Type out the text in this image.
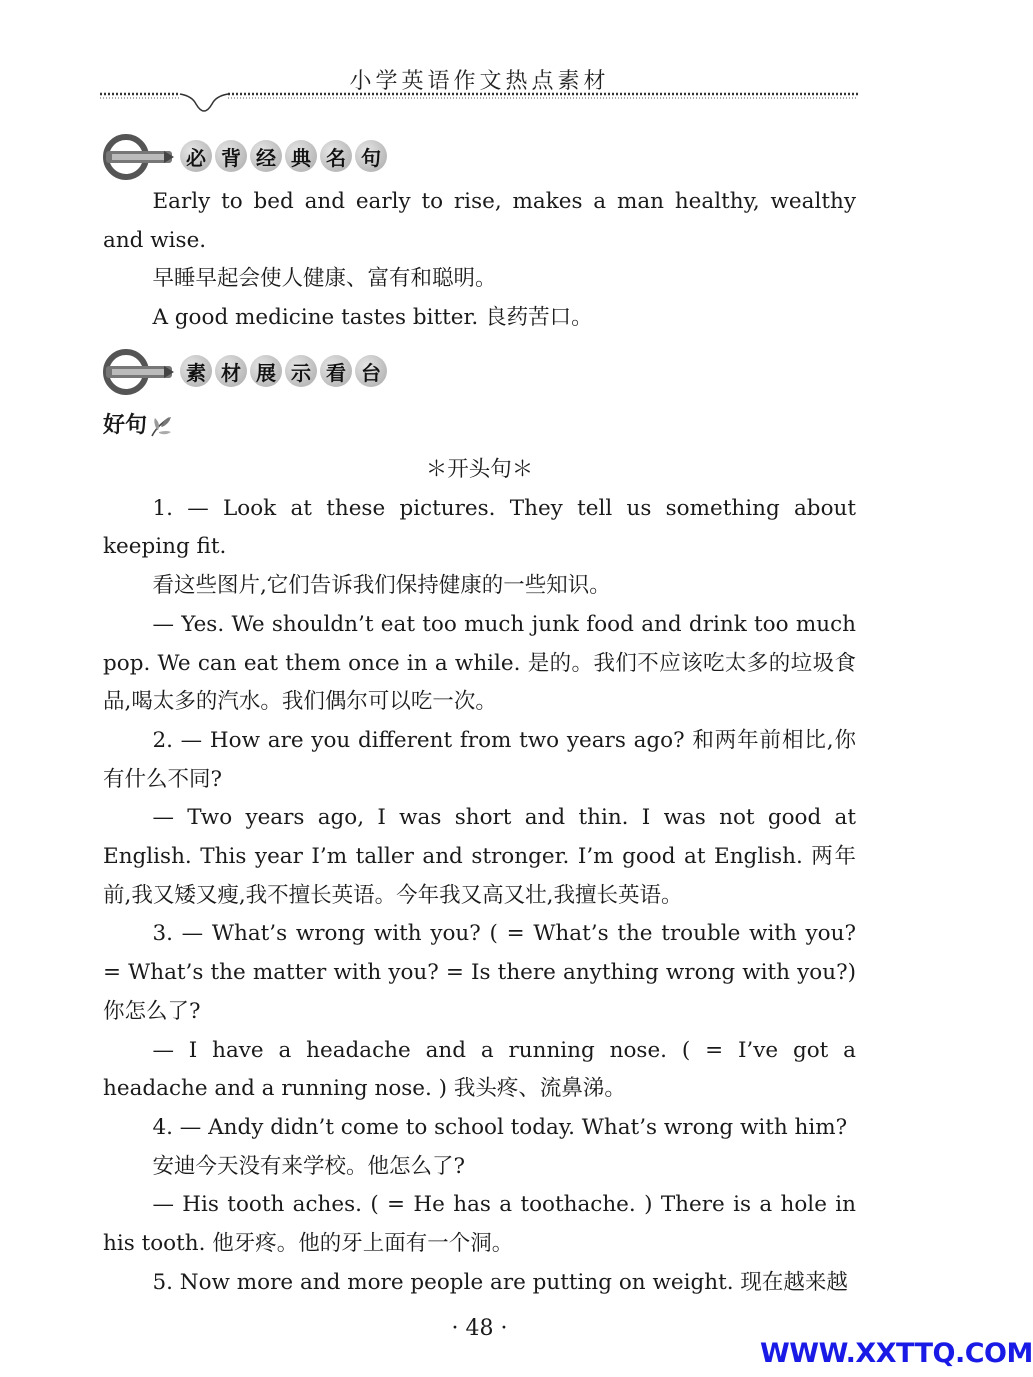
小学英语作文热点素材
必 背 经 典 名 句
素 材 展 示 看 台

Early to bed and early to rise, makes a man healthy, wealthy and wise.

早睡早起会使人健康、富有和聪明。

A good medicine tastes bitter. 良药苦口。

好句

＊开头句＊

1. — Look at these pictures. They tell us something about keeping fit.

看这些图片,它们告诉我们保持健康的一些知识。

— Yes. We shouldn’t eat too much junk food and drink too much pop. We can eat them once in a while. 是的。我们不应该吃太多的垃圾食品,喝太多的汽水。我们偶尔可以吃一次。

2. — How are you different from two years ago? 和两年前相比,你有什么不同?

— Two years ago, I was short and thin. I was not good at English. This year I’m taller and stronger. I’m good at English. 两年前,我又矮又瘦,我不擅长英语。今年我又高又壮,我擅长英语。

3. — What’s wrong with you? ( = What’s the trouble with you? = What’s the matter with you? = Is there anything wrong with you?) 你怎么了?

— I have a headache and a running nose. ( = I’ve got a headache and a running nose. ) 我头疼、流鼻涕。

4. — Andy didn’t come to school today. What’s wrong with him?

安迪今天没有来学校。他怎么了?

— His tooth aches. ( = He has a toothache. ) There is a hole in his tooth. 他牙疼。他的牙上面有一个洞。

5. Now more and more people are putting on weight. 现在越来越

· 48 ·
WWW.XXTTQ.COM
